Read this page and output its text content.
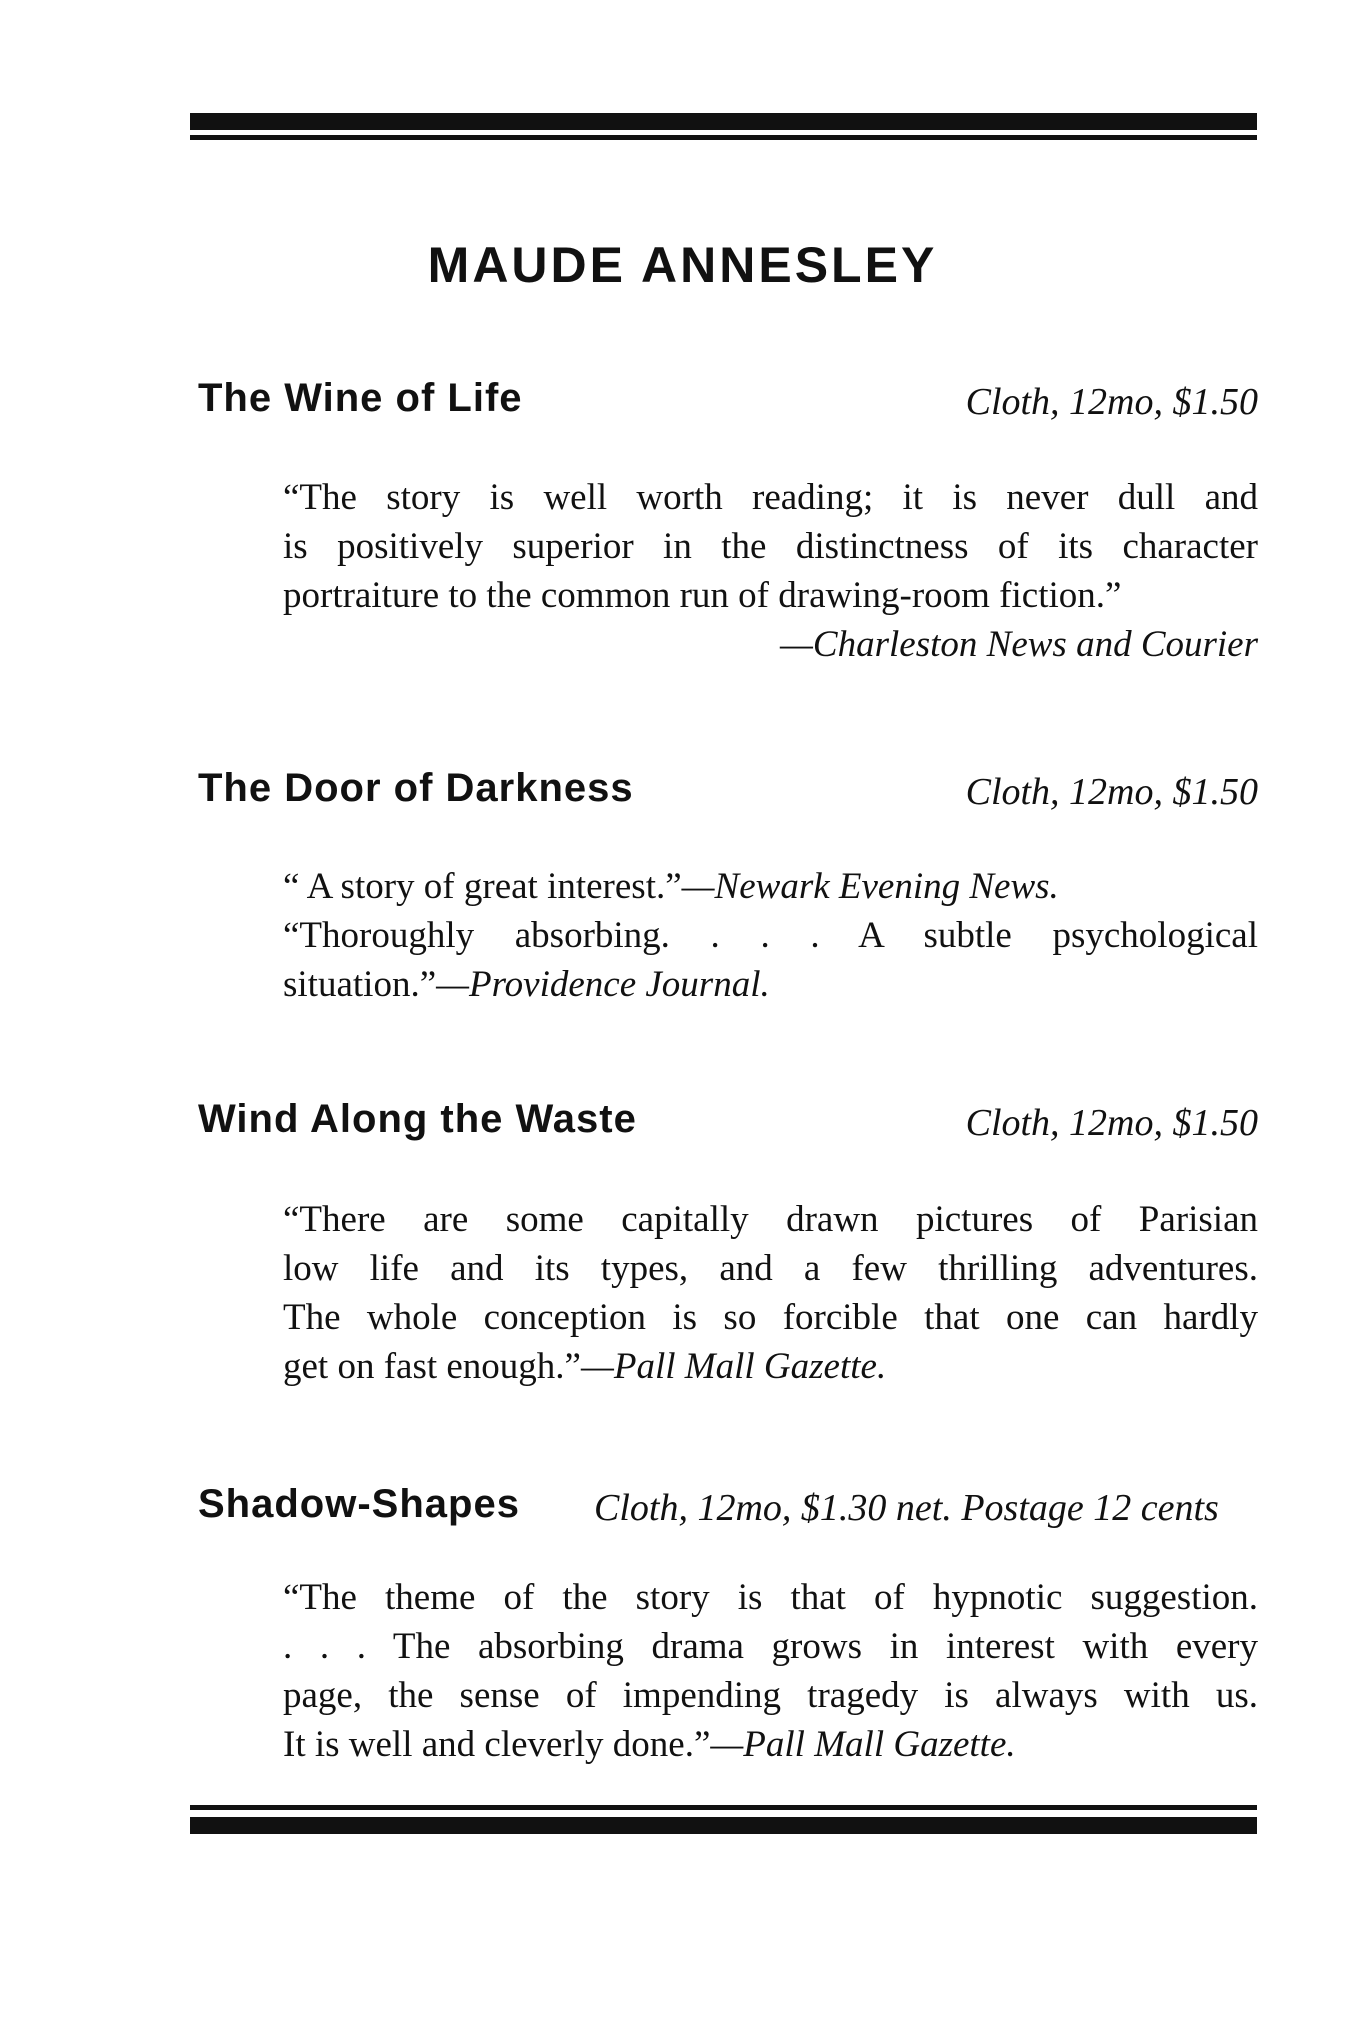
MAUDE ANNESLEY
The Wine of Life	Cloth, 12mo, $1.50
“The story is well worth reading; it is never dull and
is positively superior in the distinctness of its character
portraiture to the common run of drawing-room fiction.”
—Charleston News and Courier
The Door of Darkness	Cloth, 12mo, $1.50
“ A story of great interest.”—Newark Evening News.
“Thoroughly absorbing. . . . A subtle psychological
situation.”—Providence Journal.
Wind Along the Waste	Cloth, 12mo, $1.50
“There are some capitally drawn pictures of Parisian
low life and its types, and a few thrilling adventures.
The whole conception is so forcible that one can hardly
get on fast enough.”—Pall Mall Gazette.
Shadow-Shapes Cloth, 12mo, $1.30 net. Postage 12 cents
“The theme of the story is that of hypnotic suggestion.
. . . The absorbing drama grows in interest with every
page, the sense of impending tragedy is always with us.
It is well and cleverly done.”—Pall Mall Gazette.
